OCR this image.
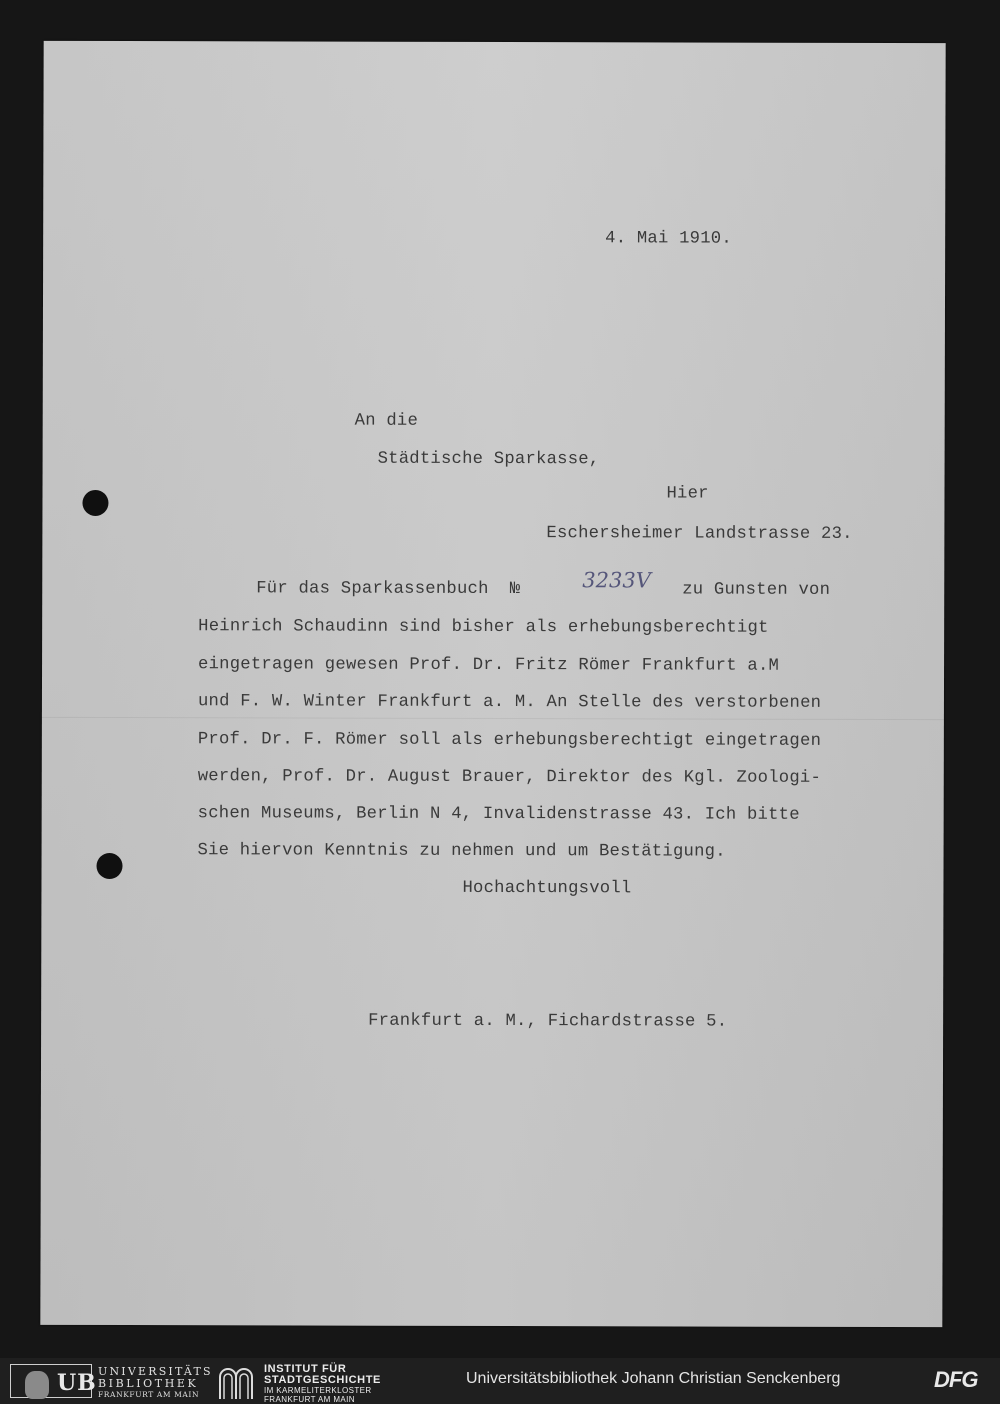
4. Mai 1910.
An die
Städtische Sparkasse,
Hier
Eschersheimer Landstrasse 23.
Für das Sparkassenbuch  №	3233V zu Gunsten von
Heinrich Schaudinn sind bisher als erhebungsberechtigt
eingetragen gewesen Prof. Dr. Fritz Römer Frankfurt a.M
und F. W. Winter Frankfurt a. M. An Stelle des verstorbenen
Prof. Dr. F. Römer soll als erhebungsberechtigt eingetragen
werden, Prof. Dr. August Brauer, Direktor des Kgl. Zoologi-
schen Museums, Berlin N 4, Invalidenstrasse 43. Ich bitte
Sie hiervon Kenntnis zu nehmen und um Bestätigung.
Hochachtungsvoll
Frankfurt a. M., Fichardstrasse 5.
UB UNIVERSITÄTS
BIBLIOTHEK
FRANKFURT AM MAIN
INSTITUT FÜR
STADTGESCHICHTE
IM KARMELITERKLOSTER
FRANKFURT AM MAIN
Universitätsbibliothek Johann Christian Senckenberg	DFG
